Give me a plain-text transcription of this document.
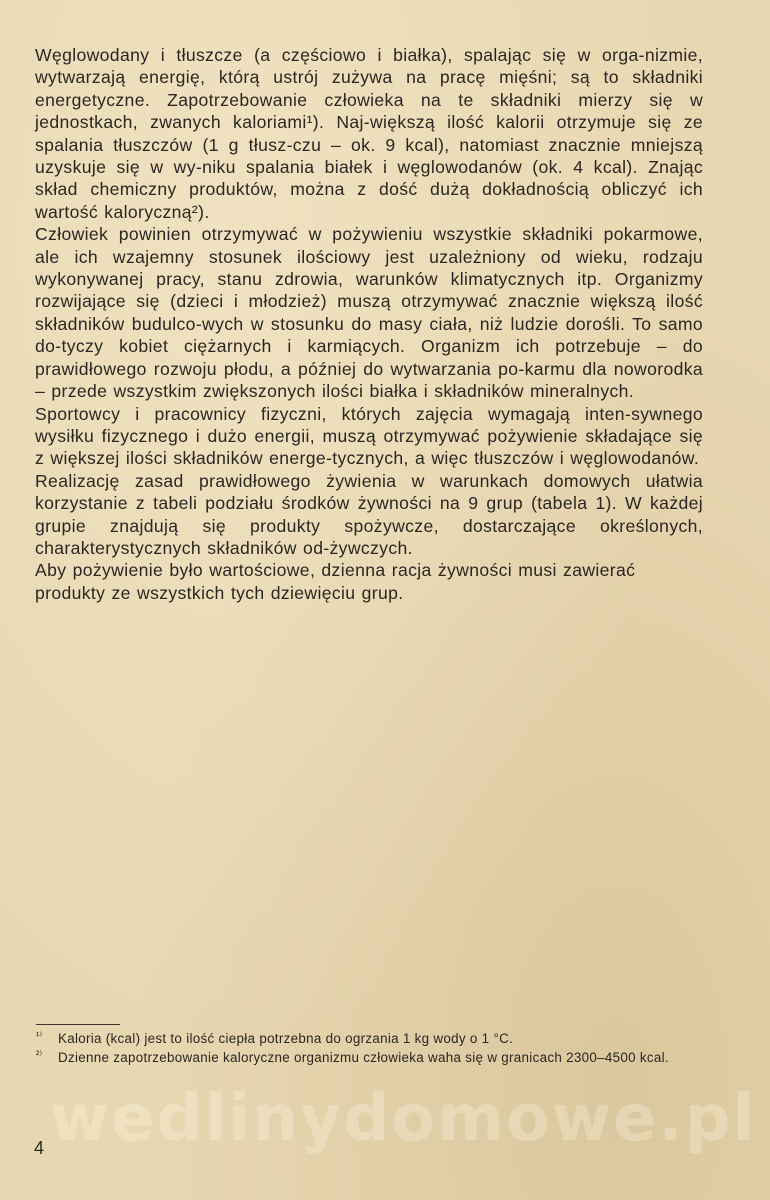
Węglowodany i tłuszcze (a częściowo i białka), spalając się w orga-nizmie, wytwarzają energię, którą ustrój zużywa na pracę mięśni; są to składniki energetyczne. Zapotrzebowanie człowieka na te składniki mierzy się w jednostkach, zwanych kaloriami¹). Naj-większą ilość kalorii otrzymuje się ze spalania tłuszczów (1 g tłusz-czu – ok. 9 kcal), natomiast znacznie mniejszą uzyskuje się w wy-niku spalania białek i węglowodanów (ok. 4 kcal). Znając skład chemiczny produktów, można z dość dużą dokładnością obliczyć ich wartość kaloryczną²).

Człowiek powinien otrzymywać w pożywieniu wszystkie składniki pokarmowe, ale ich wzajemny stosunek ilościowy jest uzależniony od wieku, rodzaju wykonywanej pracy, stanu zdrowia, warunków klimatycznych itp. Organizmy rozwijające się (dzieci i młodzież) muszą otrzymywać znacznie większą ilość składników budulco-wych w stosunku do masy ciała, niż ludzie dorośli. To samo do-tyczy kobiet ciężarnych i karmiących. Organizm ich potrzebuje – do prawidłowego rozwoju płodu, a później do wytwarzania po-karmu dla noworodka – przede wszystkim zwiększonych ilości białka i składników mineralnych.

Sportowcy i pracownicy fizyczni, których zajęcia wymagają inten-sywnego wysiłku fizycznego i dużo energii, muszą otrzymywać pożywienie składające się z większej ilości składników energe-tycznych, a więc tłuszczów i węglowodanów.

Realizację zasad prawidłowego żywienia w warunkach domowych ułatwia korzystanie z tabeli podziału środków żywności na 9 grup (tabela 1). W każdej grupie znajdują się produkty spożywcze, dostarczające określonych, charakterystycznych składników od-żywczych.

Aby pożywienie było wartościowe, dzienna racja żywności musi zawierać produkty ze wszystkich tych dziewięciu grup.

¹⁾	Kaloria (kcal) jest to ilość ciepła potrzebna do ogrzania 1 kg wody o 1 °C.
²⁾	Dzienne zapotrzebowanie kaloryczne organizmu człowieka waha się w granicach 2300–4500 kcal.
wedlinydomowe.pl
4
